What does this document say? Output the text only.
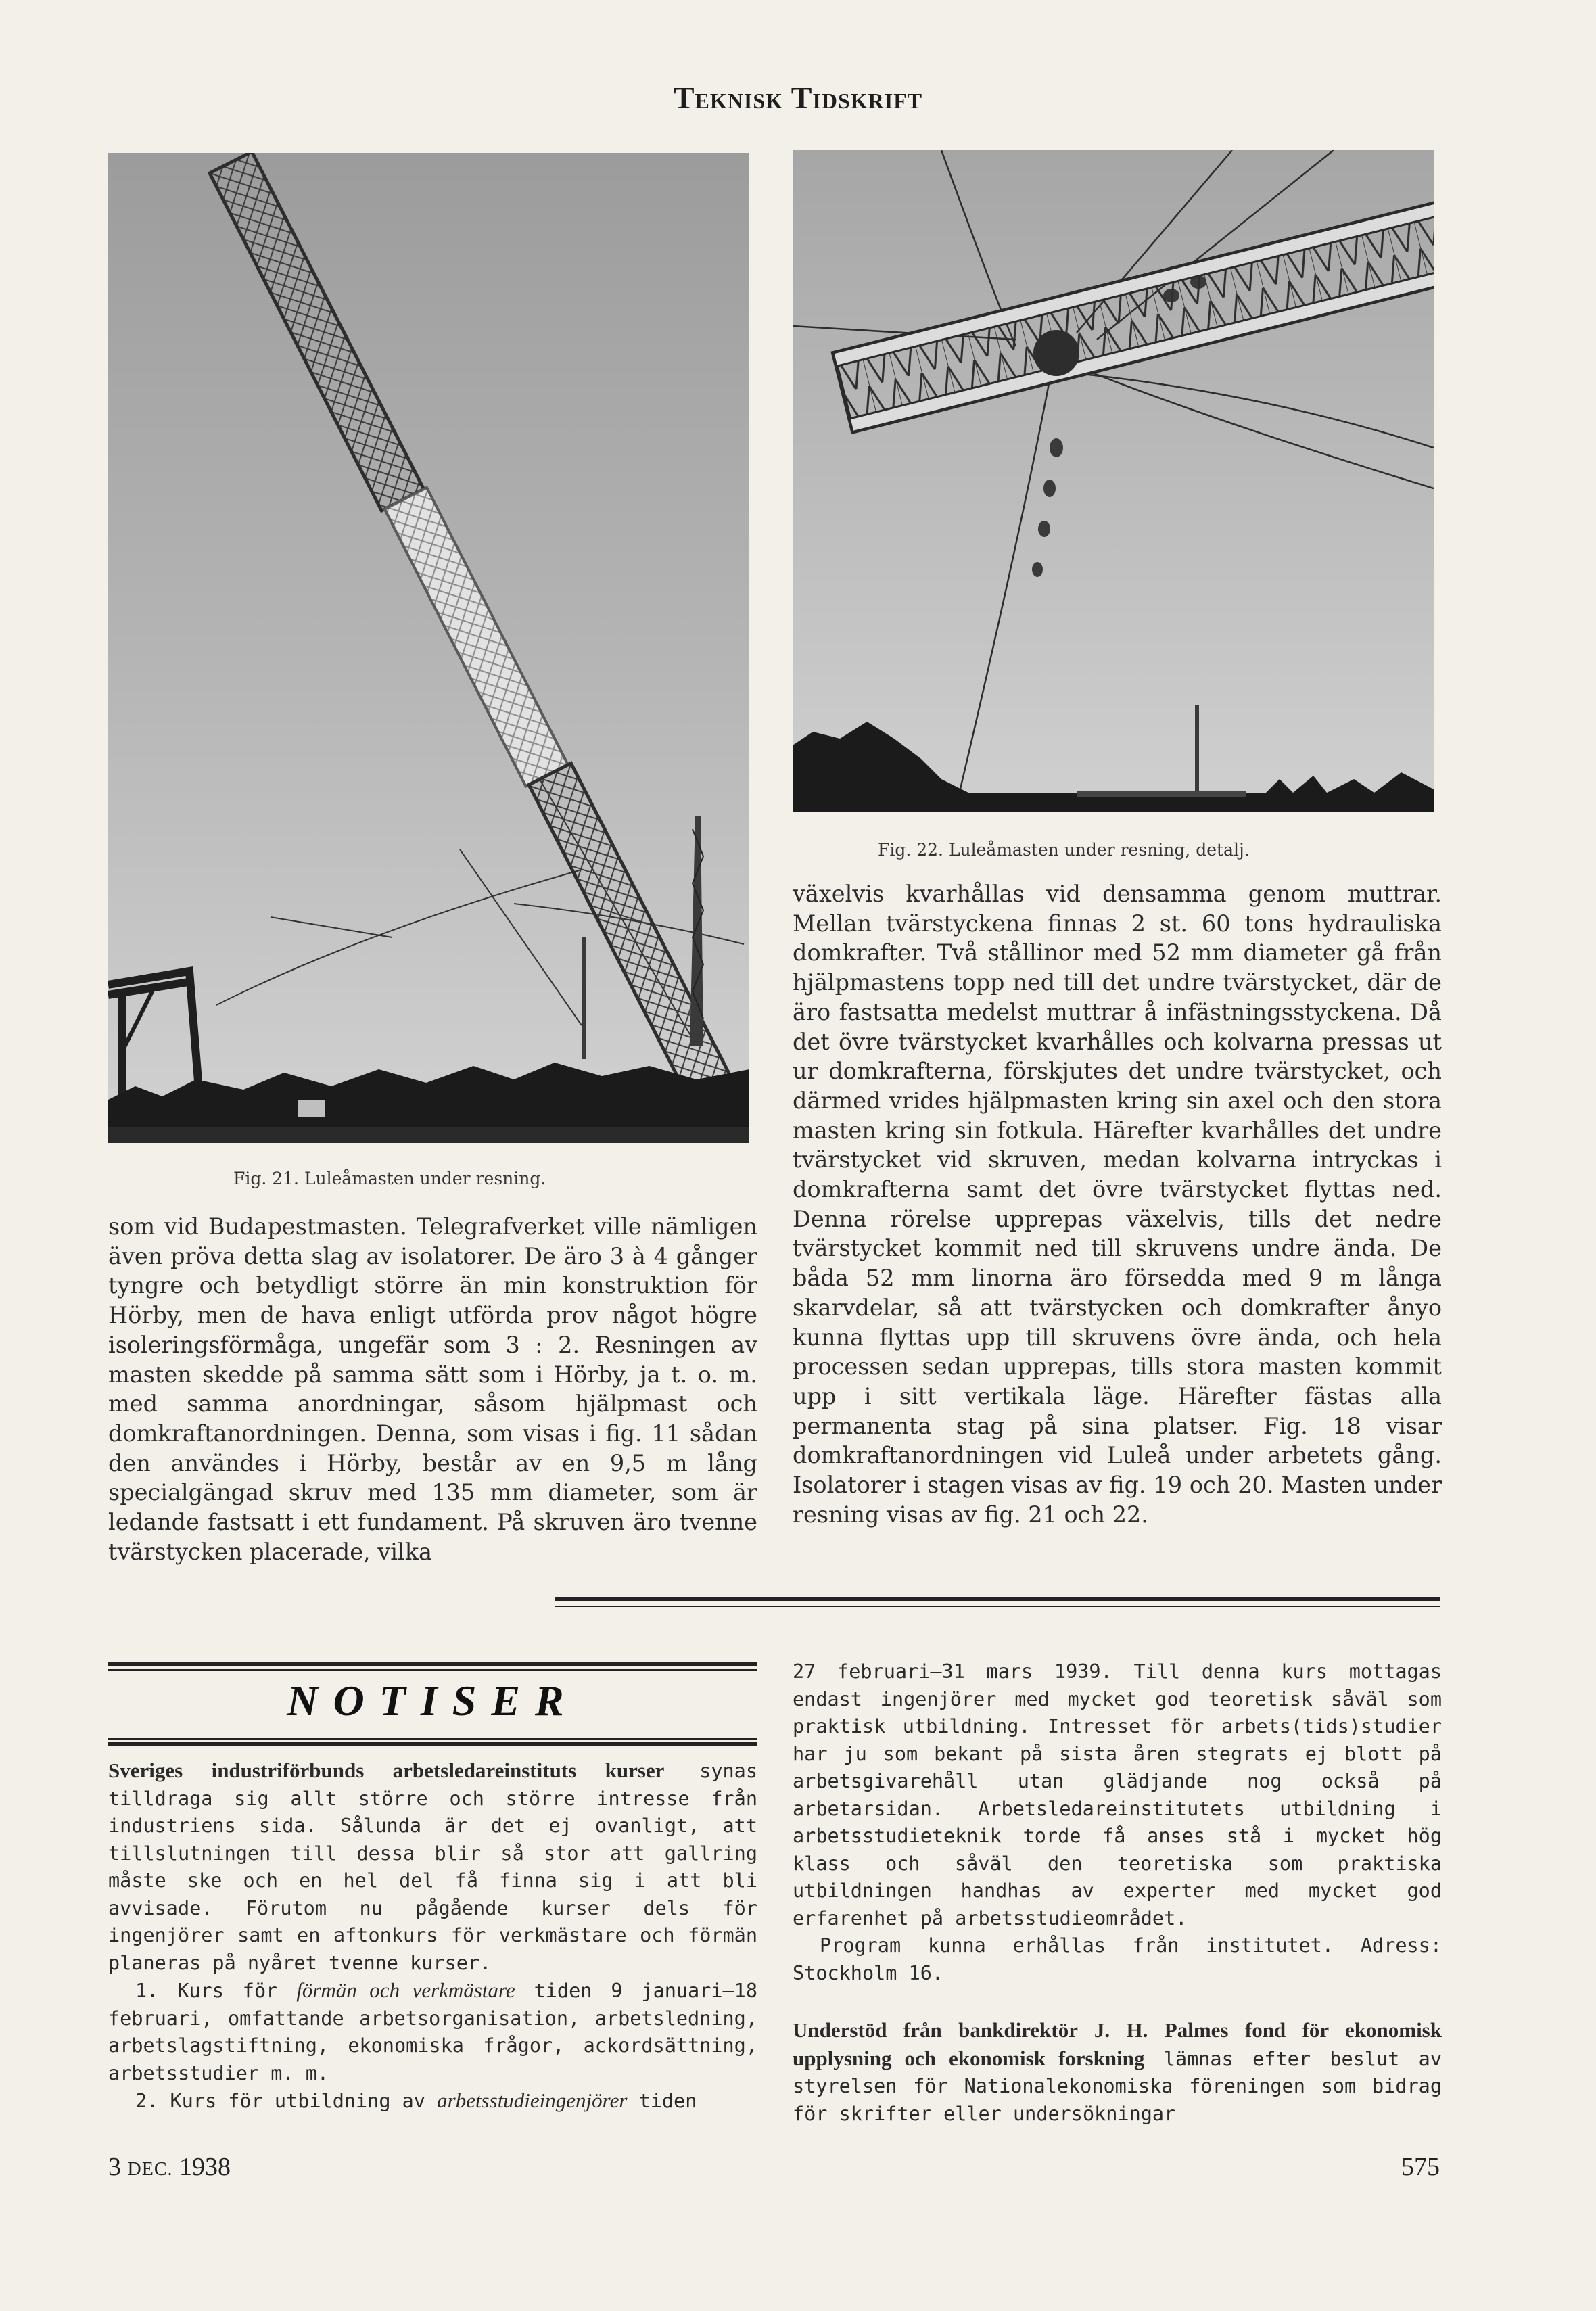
Teknisk Tidskrift
Fig. 21. Luleåmasten under resning.
Fig. 22. Luleåmasten under resning, detalj.

som vid Budapestmasten. Telegrafverket ville nämligen även pröva detta slag av isolatorer. De äro 3 à 4 gånger tyngre och betydligt större än min konstruktion för Hörby, men de hava enligt utförda prov något högre isoleringsförmåga, ungefär som 3 : 2. Resningen av masten skedde på samma sätt som i Hörby, ja t. o. m. med samma anordningar, såsom hjälpmast och domkraftanordningen. Denna, som visas i fig. 11 sådan den användes i Hörby, består av en 9,5 m lång specialgängad skruv med 135 mm diameter, som är ledande fastsatt i ett fundament. På skruven äro tvenne tvärstycken placerade, vilka

växelvis kvarhållas vid densamma genom muttrar. Mellan tvärstyckena finnas 2 st. 60 tons hydrauliska domkrafter. Två stållinor med 52 mm diameter gå från hjälpmastens topp ned till det undre tvärstycket, där de äro fastsatta medelst muttrar å infästningsstyckena. Då det övre tvärstycket kvarhålles och kolvarna pressas ut ur domkrafterna, förskjutes det undre tvärstycket, och därmed vrides hjälpmasten kring sin axel och den stora masten kring sin fotkula. Härefter kvarhålles det undre tvärstycket vid skruven, medan kolvarna intryckas i domkrafterna samt det övre tvärstycket flyttas ned. Denna rörelse upprepas växelvis, tills det nedre tvärstycket kommit ned till skruvens undre ända. De båda 52 mm linorna äro försedda med 9 m långa skarvdelar, så att tvärstycken och domkrafter ånyo kunna flyttas upp till skruvens övre ända, och hela processen sedan upprepas, tills stora masten kommit upp i sitt vertikala läge. Härefter fästas alla permanenta stag på sina platser. Fig. 18 visar domkraftanordningen vid Luleå under arbetets gång. Isolatorer i stagen visas av fig. 19 och 20. Masten under resning visas av fig. 21 och 22.

NOTISER

Sveriges industriförbunds arbetsledareinstituts kurser synas tilldraga sig allt större och större intresse från industriens sida. Sålunda är det ej ovanligt, att tillslutningen till dessa blir så stor att gallring måste ske och en hel del få finna sig i att bli avvisade. Förutom nu pågående kurser dels för ingenjörer samt en aftonkurs för verkmästare och förmän planeras på nyåret tvenne kurser.

1. Kurs för förmän och verkmästare tiden 9 januari—18 februari, omfattande arbetsorganisation, arbetsledning, arbetslagstiftning, ekonomiska frågor, ackordsättning, arbetsstudier m. m.

2. Kurs för utbildning av arbetsstudieingenjörer tiden

27 februari—31 mars 1939. Till denna kurs mottagas endast ingenjörer med mycket god teoretisk såväl som praktisk utbildning. Intresset för arbets(tids)studier har ju som bekant på sista åren stegrats ej blott på arbetsgivarehåll utan glädjande nog också på arbetarsidan. Arbetsledareinstitutets utbildning i arbetsstudieteknik torde få anses stå i mycket hög klass och såväl den teoretiska som praktiska utbildningen handhas av experter med mycket god erfarenhet på arbetsstudieområdet.

Program kunna erhållas från institutet. Adress: Stockholm 16.

Understöd från bankdirektör J. H. Palmes fond för ekonomisk upplysning och ekonomisk forskning lämnas efter beslut av styrelsen för Nationalekonomiska föreningen som bidrag för skrifter eller undersökningar

3 DEC. 1938	575
